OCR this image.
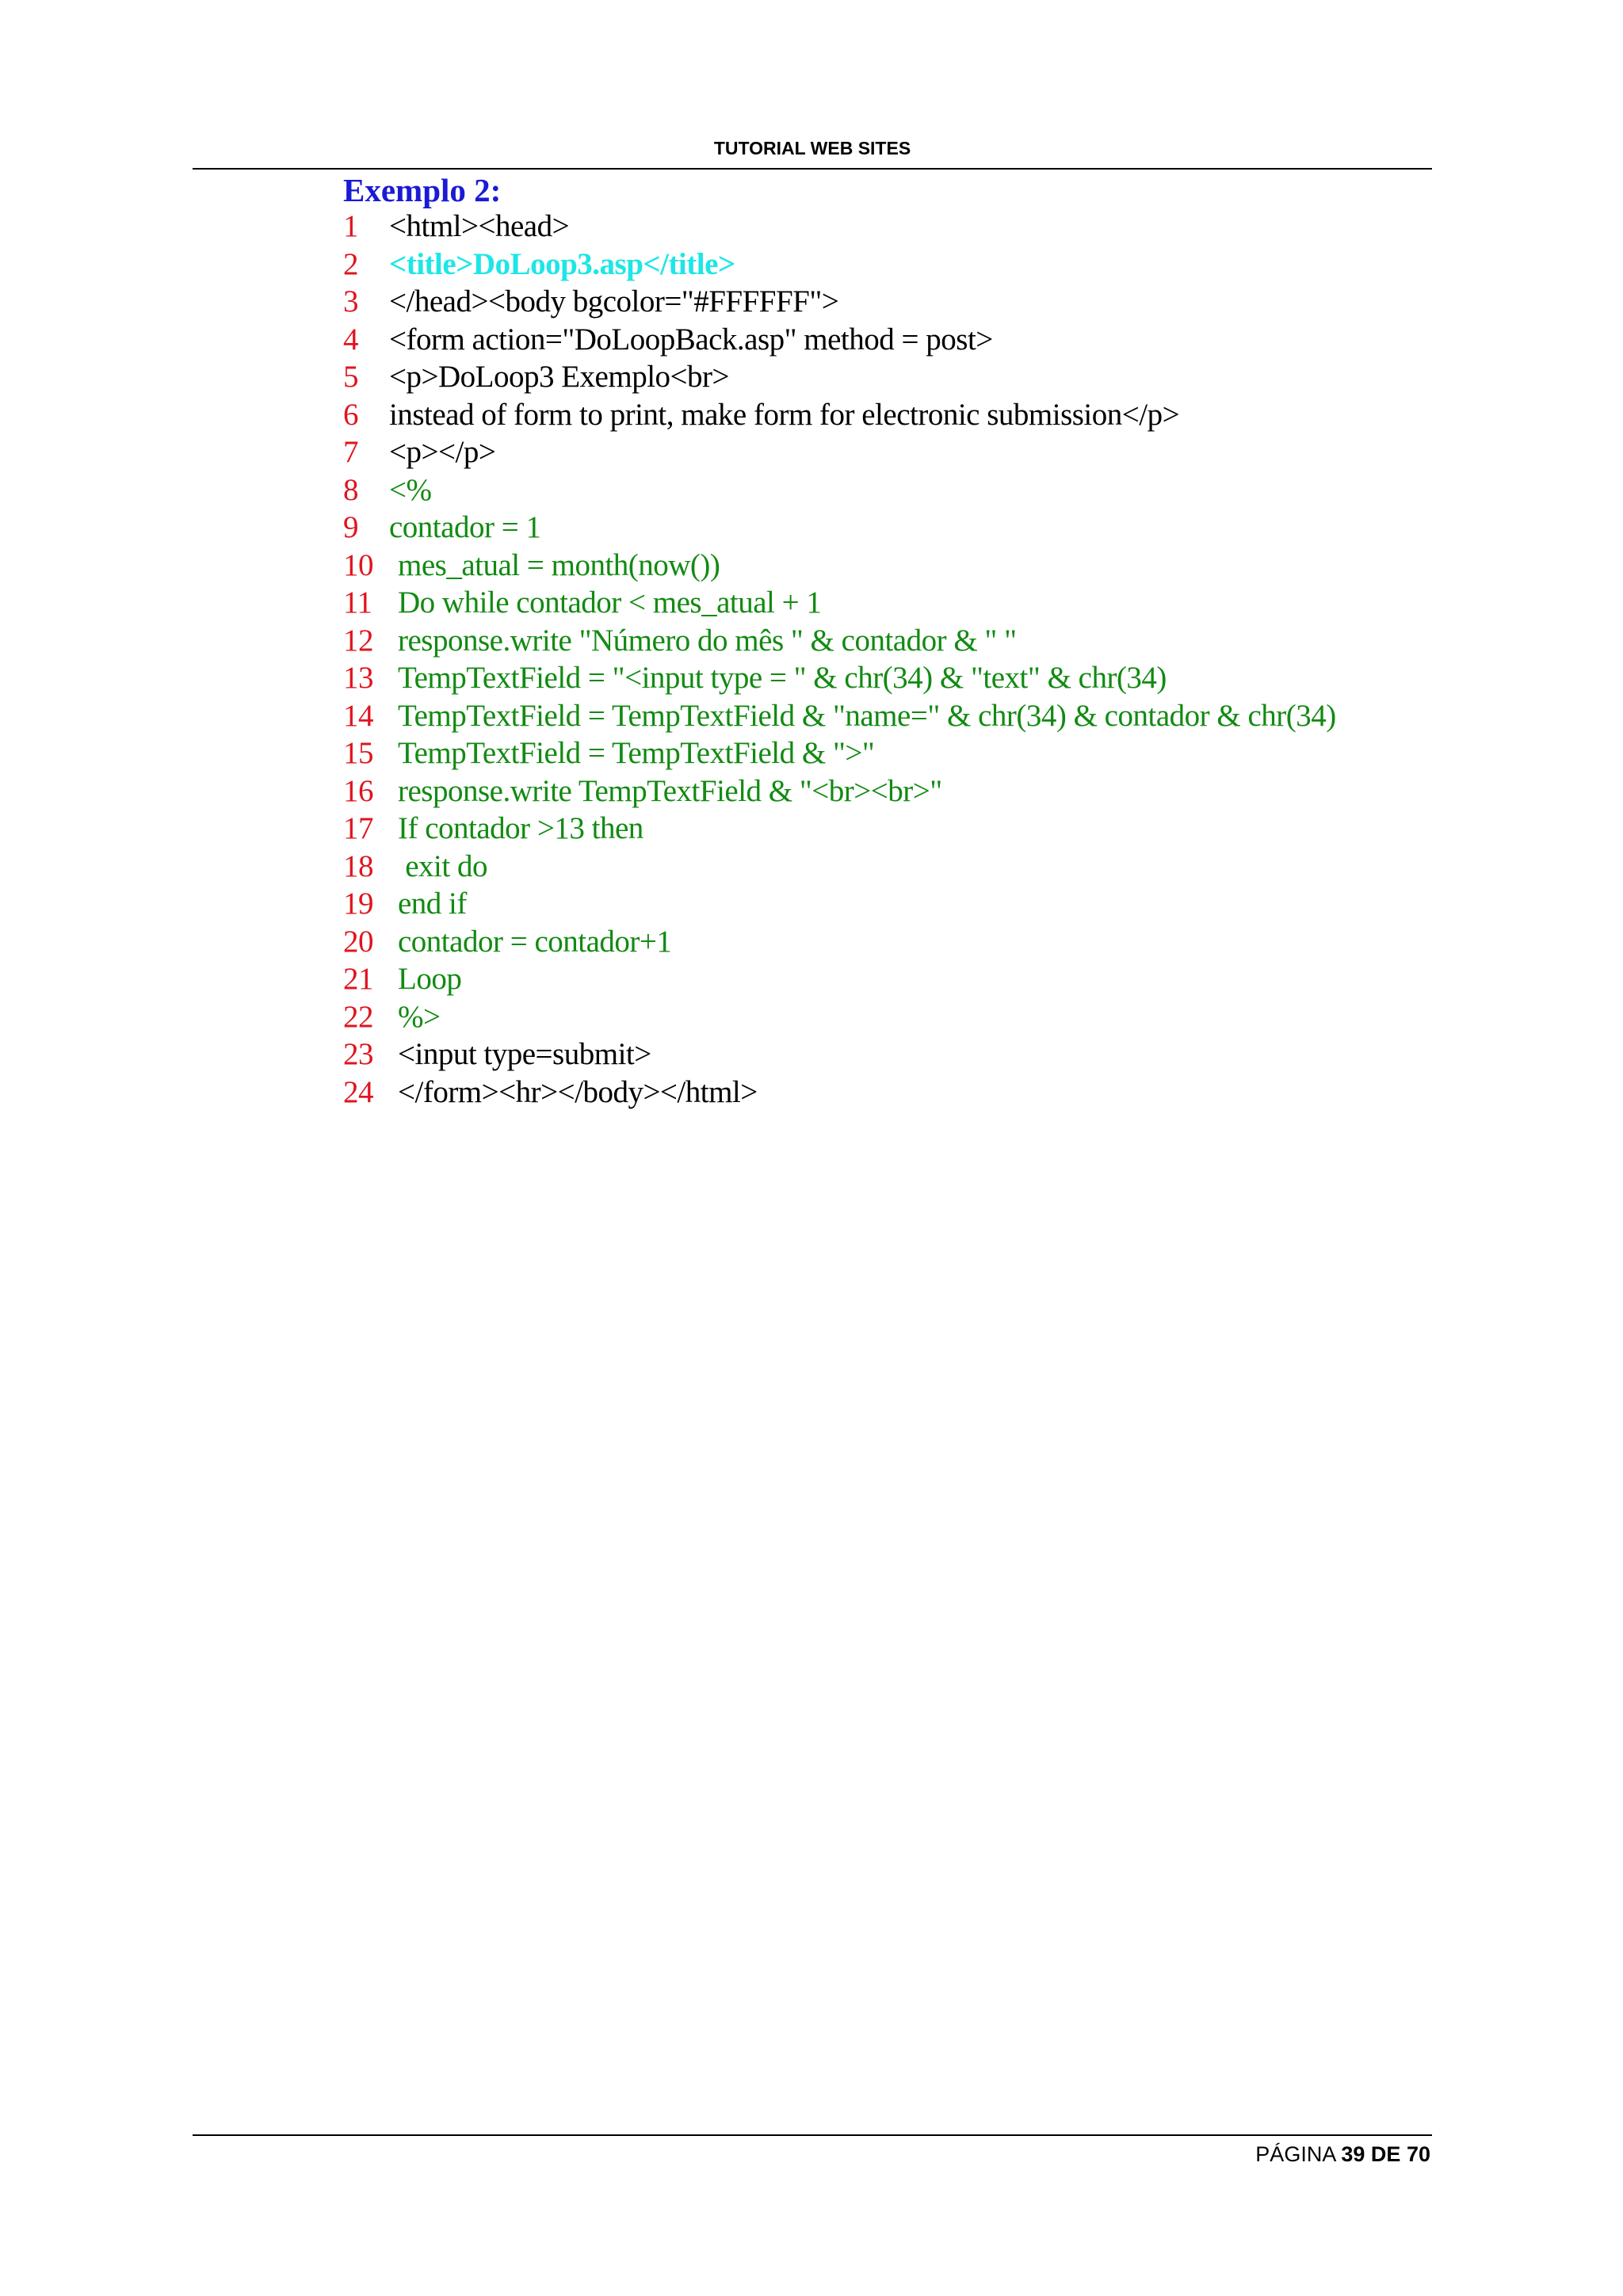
TUTORIAL WEB SITES
Exemplo 2:
1 <html><head>
2 <title>DoLoop3.asp</title>
3 </head><body bgcolor="#FFFFFF">
4 <form action="DoLoopBack.asp" method = post>
5 <p>DoLoop3 Exemplo<br>
6 instead of form to print, make form for electronic submission</p>
7 <p></p>
8 <%
9 contador = 1
10 mes_atual = month(now())
11 Do while contador < mes_atual + 1
12 response.write "Número do mês " & contador & " "
13 TempTextField = "<input type = " & chr(34) & "text" & chr(34)
14 TempTextField = TempTextField & "name=" & chr(34) & contador & chr(34)
15 TempTextField = TempTextField & ">"
16 response.write TempTextField & "<br><br>"
17 If contador >13 then
18 exit do
19 end if
20 contador = contador+1
21 Loop
22 %>
23 <input type=submit>
24 </form><hr></body></html>
PÁGINA 39 DE 70
